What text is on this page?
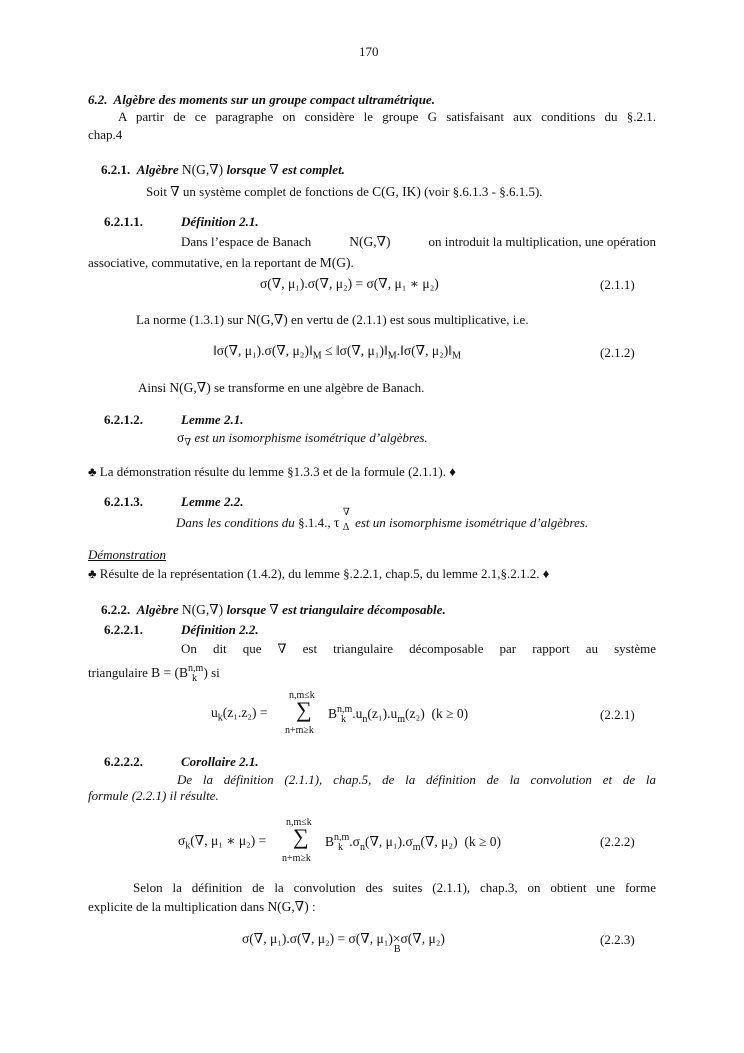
170
6.2. Algèbre des moments sur un groupe compact ultramétrique.
A partir de ce paragraphe on considère le groupe G satisfaisant aux conditions du §.2.1.
chap.4
6.2.1. Algèbre N(G,∇) lorsque ∇ est complet.
Soit ∇ un système complet de fonctions de C(G, IK) (voir §.6.1.3 - §.6.1.5).
6.2.1.1.	Définition 2.1.
Dans l’espace de Banach	N(G,∇)	on introduit la multiplication, une opération
associative, commutative, en la reportant de M(G).
σ(∇, μ₁).σ(∇, μ₂) = σ(∇, μ₁ ∗ μ₂)	(2.1.1)
La norme (1.3.1) sur N(G,∇) en vertu de (2.1.1) est sous multiplicative, i.e.
‖σ(∇, μ₁).σ(∇, $\mu_2)‖_M$ ≤ ‖σ(∇, $\mu_1)‖_M.‖\sigma(\nabla$, $\mu_2)‖_M$	(2.1.2)
Ainsi N(G,∇) se transforme en une algèbre de Banach.
6.2.1.2.	Lemme 2.1.
$\sigma_\nabla$ est un isomorphisme isométrique d’algèbres.
♣ La démonstration résulte du lemme §1.3.3 et de la formule (2.1.1). ♦
6.2.1.3.	Lemme 2.2.
Dans les conditions du §.1.4., τ
∇
Δ est un isomorphisme isométrique d’algèbres.
Démonstration
♣ Résulte de la représentation (1.4.2), du lemme §.2.2.1, chap.5, du lemme 2.1,§.2.1.2. ♦
6.2.2. Algèbre N(G,∇) lorsque ∇ est triangulaire décomposable.
6.2.2.1.	Définition 2.2.
On dit que ∇ est triangulaire décomposable par rapport au système
triangulaire B = (B n,m
k ) si
$u_k(z_1.z_2)$ =
n,m≤k
∑
n+m≥k
B n,m
k $.u_n(z_1).u_m(z_2) (k \ge 0)$	(2.2.1)
6.2.2.2.	Corollaire 2.1.
De la définition (2.1.1), chap.5, de la définition de la convolution et de la
formule (2.2.1) il résulte.
$\sigma_k(\nabla$, μ₁ ∗ μ₂) =
n,m≤k
∑
n+m≥k
B n,m
k $.\sigma_n(\nabla$, $\mu_1).\sigma_m(\nabla$, μ₂) (k ≥ 0)	(2.2.2)
Selon la définition de la convolution des suites (2.1.1), chap.3, on obtient une forme
explicite de la multiplication dans N(G,∇) :
σ(∇, μ₁).σ(∇, μ₂) = σ(∇, μ₁)×
B
σ(∇, μ₂)	(2.2.3)
